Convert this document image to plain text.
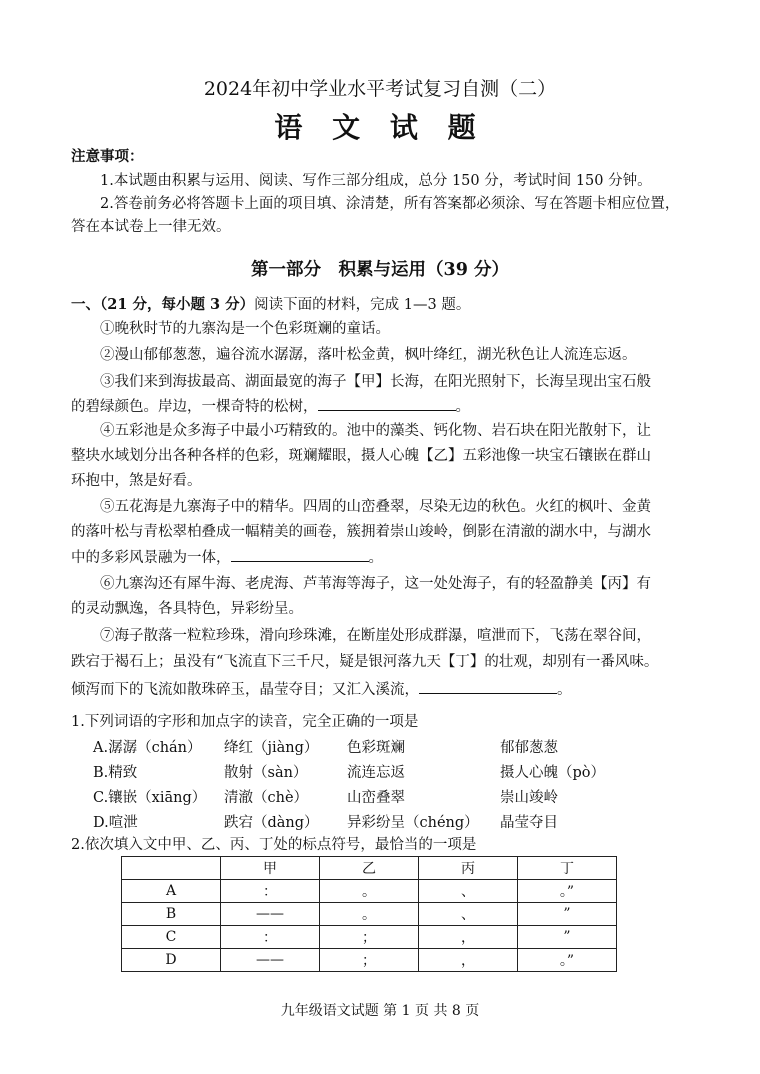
2024年初中学业水平考试复习自测（二）
语 文 试 题
注意事项：
1.本试题由积累与运用、阅读、写作三部分组成，总分 150 分，考试时间 150 分钟。
2.答卷前务必将答题卡上面的项目填、涂清楚，所有答案都必须涂、写在答题卡相应位置，
答在本试卷上一律无效。
第一部分　积累与运用（39 分）
一、（21 分，每小题 3 分）阅读下面的材料，完成 1—3 题。
①晚秋时节的九寨沟是一个色彩斑斓的童话。
②漫山郁郁葱葱，遍谷流水潺潺，落叶松金黄，枫叶绛红，湖光秋色让人流连忘返。
③我们来到海拔最高、湖面最宽的海子【甲】长海，在阳光照射下，长海呈现出宝石般
的碧绿颜色。岸边，一棵奇特的松树，	。
④五彩池是众多海子中最小巧精致的。池中的藻类、钙化物、岩石块在阳光散射下，让
整块水域划分出各种各样的色彩，斑斓耀眼，摄人心魄【乙】五彩池像一块宝石镶嵌在群山
环抱中，煞是好看。
⑤五花海是九寨海子中的精华。四周的山峦叠翠，尽染无边的秋色。火红的枫叶、金黄
的落叶松与青松翠柏叠成一幅精美的画卷，簇拥着崇山竣岭，倒影在清澈的湖水中，与湖水
中的多彩风景融为一体，	。
⑥九寨沟还有犀牛海、老虎海、芦苇海等海子，这一处处海子，有的轻盈静美【丙】有
的灵动飘逸，各具特色，异彩纷呈。
⑦海子散落一粒粒珍珠，滑向珍珠滩，在断崖处形成群瀑，喧泄而下，飞荡在翠谷间，
跌宕于褐石上；虽没有“飞流直下三千尺，疑是银河落九天【丁】的壮观，却别有一番风味。
倾泻而下的飞流如散珠碎玉，晶莹夺目；又汇入溪流，	。
1.下列词语的字形和加点字的读音，完全正确的一项是
A.潺潺（chán） 绛红（jiàng） 色彩斑斓	郁郁葱葱
B.精致	散射（sàn）	流连忘返	摄人心魄（pò）
C.镶嵌（xiāng） 清澈（chè）	山峦叠翠	崇山竣岭
D.喧泄	跌宕（dàng） 异彩纷呈（chéng） 晶莹夺目
2.依次填入文中甲、乙、丙、丁处的标点符号，最恰当的一项是
	甲	乙	丙	丁
A	：	。	、	。”
B	——	。	、	”
C	：	；	，	”
D	——	；	，	。”
九年级语文试题 第 1 页 共 8 页
